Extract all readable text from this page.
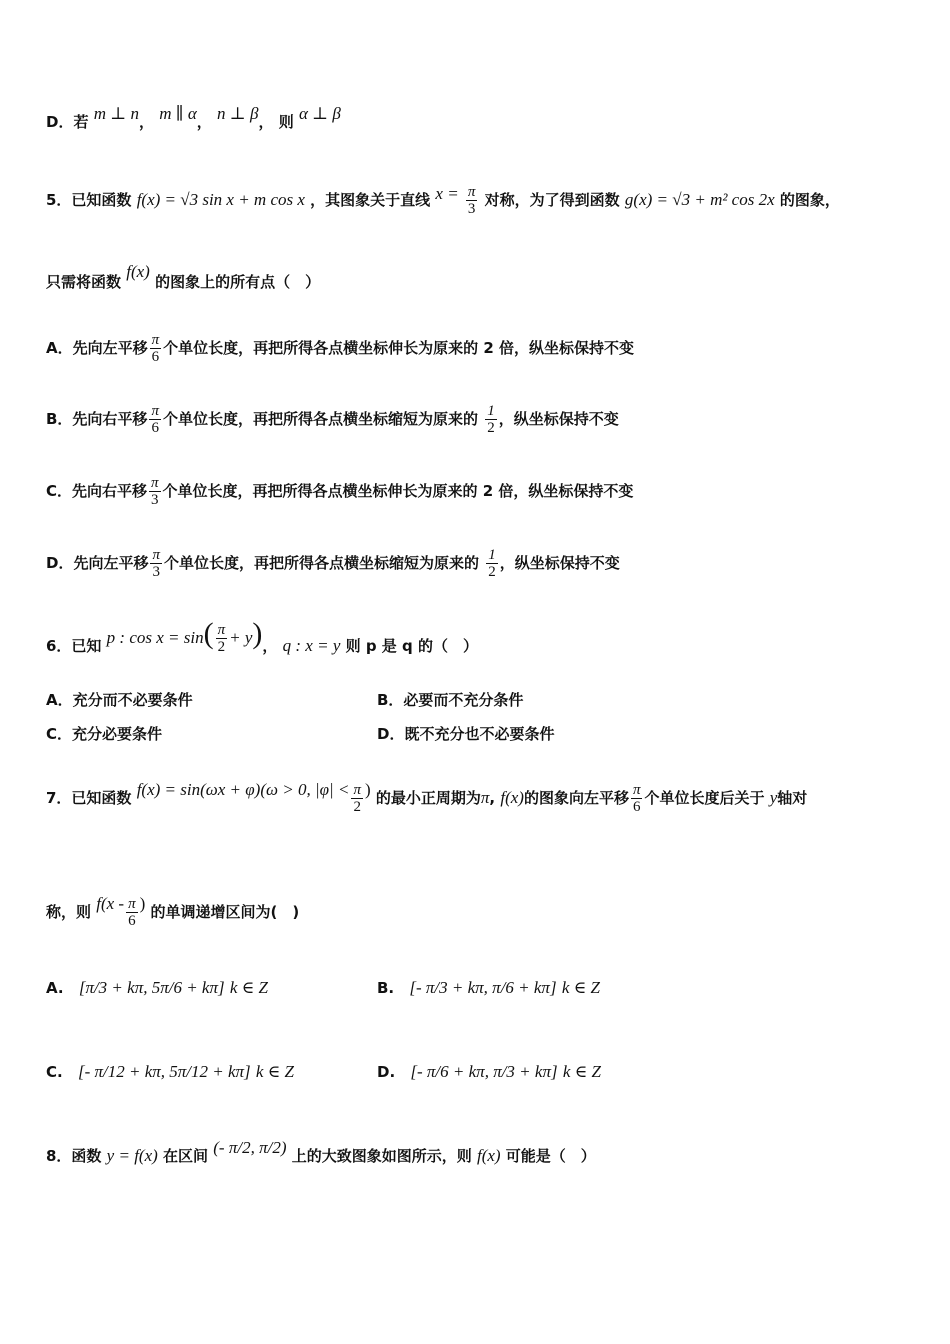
D．若 m ⊥ n， m ∥ α， n ⊥ β， 则 α ⊥ β
5．已知函数 f(x) = √3 sin x + m cos x ，其图象关于直线 $x = \frac{\pi}{3}$ 对称，为了得到函数 g(x) = √3 + m² cos 2x 的图象，
只需将函数 f(x) 的图象上的所有点（　）
A．先向左平移 $\frac{\pi}{6}$ 个单位长度，再把所得各点横坐标伸长为原来的 2 倍，纵坐标保持不变
B．先向右平移 $\frac{\pi}{6}$ 个单位长度，再把所得各点横坐标缩短为原来的 $\frac{1}{2}$ ，纵坐标保持不变
C．先向右平移 $\frac{\pi}{3}$ 个单位长度，再把所得各点横坐标伸长为原来的 2 倍，纵坐标保持不变
D．先向左平移 $\frac{\pi}{3}$ 个单位长度，再把所得各点横坐标缩短为原来的 $\frac{1}{2}$ ，纵坐标保持不变
6．已知 p : $\cos x = \sin( \frac{\pi}{2} + y)$， q : x = y 则 p 是 q 的（　）
A．充分而不必要条件	B．必要而不充分条件
C．充分必要条件	D．既不充分也不必要条件
7．已知函数 f(x) = sin(ωx + φ)(ω > 0, $|\varphi| < \frac{\pi}{2}$ ) 的最小正周期为π, f(x)的图象向左平移 $\frac{\pi}{6}$ 个单位长度后关于 y轴对
称，则 $f(x - \frac{\pi}{6}$ ) 的单调递增区间为(　)
A. [π/3 + kπ, 5π/6 + kπ] k ∈ Z	B. [- π/3 + kπ, π/6 + kπ] k ∈ Z
C. [- π/12 + kπ, 5π/12 + kπ] k ∈ Z	D. [- π/6 + kπ, π/3 + kπ] k ∈ Z
8．函数 y = f(x) 在区间 (- π/2, π/2) 上的大致图象如图所示，则 f(x) 可能是（　）
